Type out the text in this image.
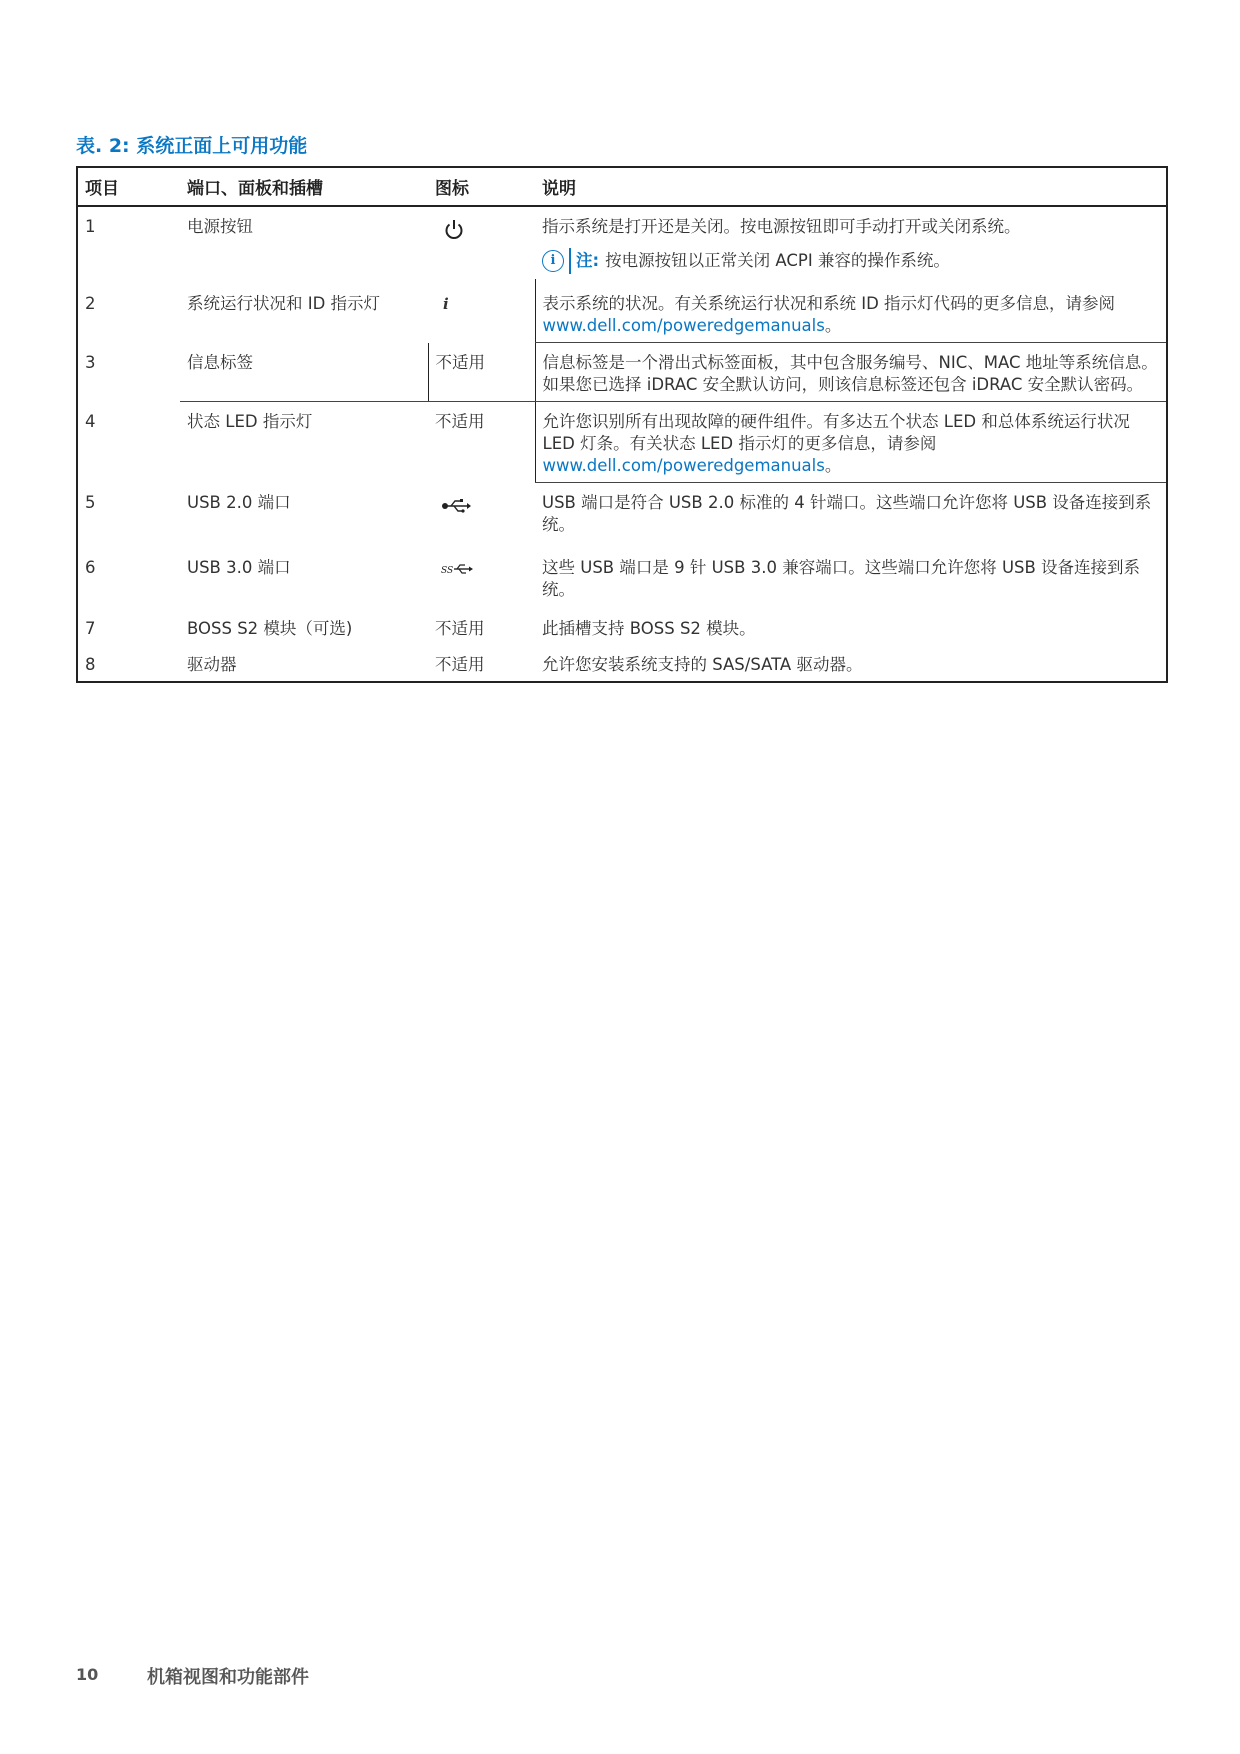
表. 2: 系统正面上可用功能
项目	端口、面板和插槽	图标	说明
1	电源按钮		指示系统是打开还是关闭。按电源按钮即可手动打开或关闭系统。
i 注: 按电源按钮以正常关闭 ACPI 兼容的操作系统。

2	系统运行状况和 ID 指示灯	i	表示系统的状况。有关系统运行状况和系统 ID 指示灯代码的更多信息，请参阅 www.dell.com/poweredgemanuals。
3	信息标签	不适用	信息标签是一个滑出式标签面板，其中包含服务编号、NIC、MAC 地址等系统信息。如果您已选择 iDRAC 安全默认访问，则该信息标签还包含 iDRAC 安全默认密码。
4	状态 LED 指示灯	不适用	允许您识别所有出现故障的硬件组件。有多达五个状态 LED 和总体系统运行状况 LED 灯条。有关状态 LED 指示灯的更多信息，请参阅
www.dell.com/poweredgemanuals。
5	USB 2.0 端口		USB 端口是符合 USB 2.0 标准的 4 针端口。这些端口允许您将 USB 设备连接到系统。
6	USB 3.0 端口	SS	这些 USB 端口是 9 针 USB 3.0 兼容端口。这些端口允许您将 USB 设备连接到系统。
7	BOSS S2 模块（可选)	不适用	此插槽支持 BOSS S2 模块。
8	驱动器	不适用	允许您安装系统支持的 SAS/SATA 驱动器。
10	机箱视图和功能部件
